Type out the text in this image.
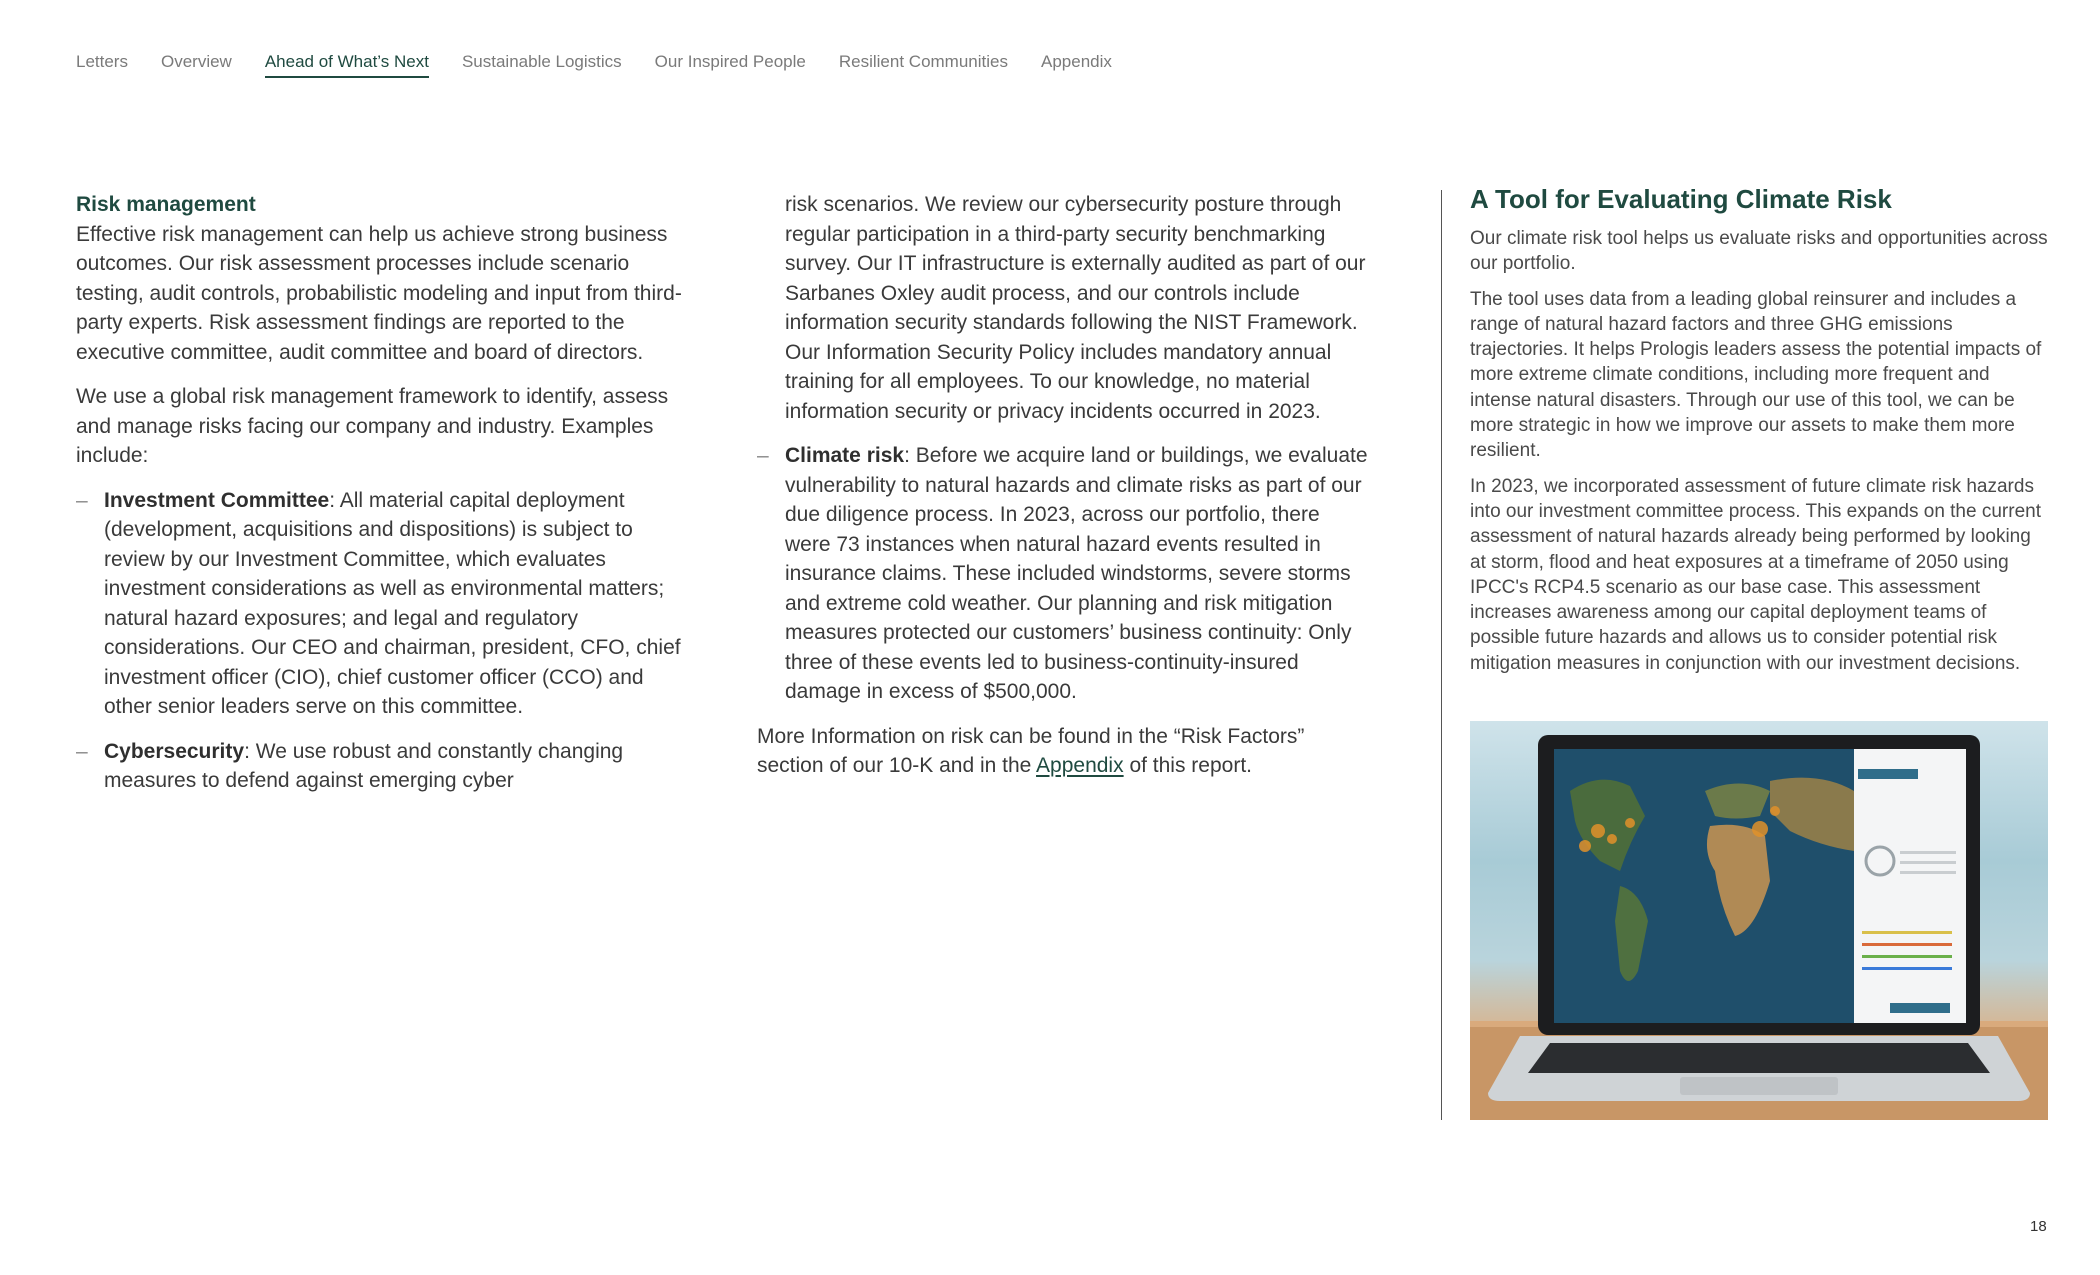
Letters Overview Ahead of What’s Next Sustainable Logistics Our Inspired People Resilient Communities Appendix
Risk management

Effective risk management can help us achieve strong business outcomes. Our risk assessment processes include scenario testing, audit controls, probabilistic modeling and input from third-party experts. Risk assessment findings are reported to the executive committee, audit committee and board of directors.

We use a global risk management framework to identify, assess and manage risks facing our company and industry. Examples include:

– Investment Committee: All material capital deployment (development, acquisitions and dispositions) is subject to review by our Investment Committee, which evaluates investment considerations as well as environmental matters; natural hazard exposures; and legal and regulatory considerations. Our CEO and chairman, president, CFO, chief investment officer (CIO), chief customer officer (CCO) and other senior leaders serve on this committee.
– Cybersecurity: We use robust and constantly changing measures to defend against emerging cyber
risk scenarios. We review our cybersecurity posture through regular participation in a third-party security benchmarking survey. Our IT infrastructure is externally audited as part of our Sarbanes Oxley audit process, and our controls include information security standards following the NIST Framework. Our Information Security Policy includes mandatory annual training for all employees. To our knowledge, no material information security or privacy incidents occurred in 2023.
– Climate risk: Before we acquire land or buildings, we evaluate vulnerability to natural hazards and climate risks as part of our due diligence process. In 2023, across our portfolio, there were 73 instances when natural hazard events resulted in insurance claims. These included windstorms, severe storms and extreme cold weather. Our planning and risk mitigation measures protected our customers’ business continuity: Only three of these events led to business-continuity-insured damage in excess of $500,000.

More Information on risk can be found in the “Risk Factors” section of our 10-K and in the Appendix of this report.

A Tool for Evaluating Climate Risk

Our climate risk tool helps us evaluate risks and opportunities across our portfolio.

The tool uses data from a leading global reinsurer and includes a range of natural hazard factors and three GHG emissions trajectories. It helps Prologis leaders assess the potential impacts of more extreme climate conditions, including more frequent and intense natural disasters. Through our use of this tool, we can be more strategic in how we improve our assets to make them more resilient.

In 2023, we incorporated assessment of future climate risk hazards into our investment committee process. This expands on the current assessment of natural hazards already being performed by looking at storm, flood and heat exposures at a timeframe of 2050 using IPCC's RCP4.5 scenario as our base case. This assessment increases awareness among our capital deployment teams of possible future hazards and allows us to consider potential risk mitigation measures in conjunction with our investment decisions.

18
